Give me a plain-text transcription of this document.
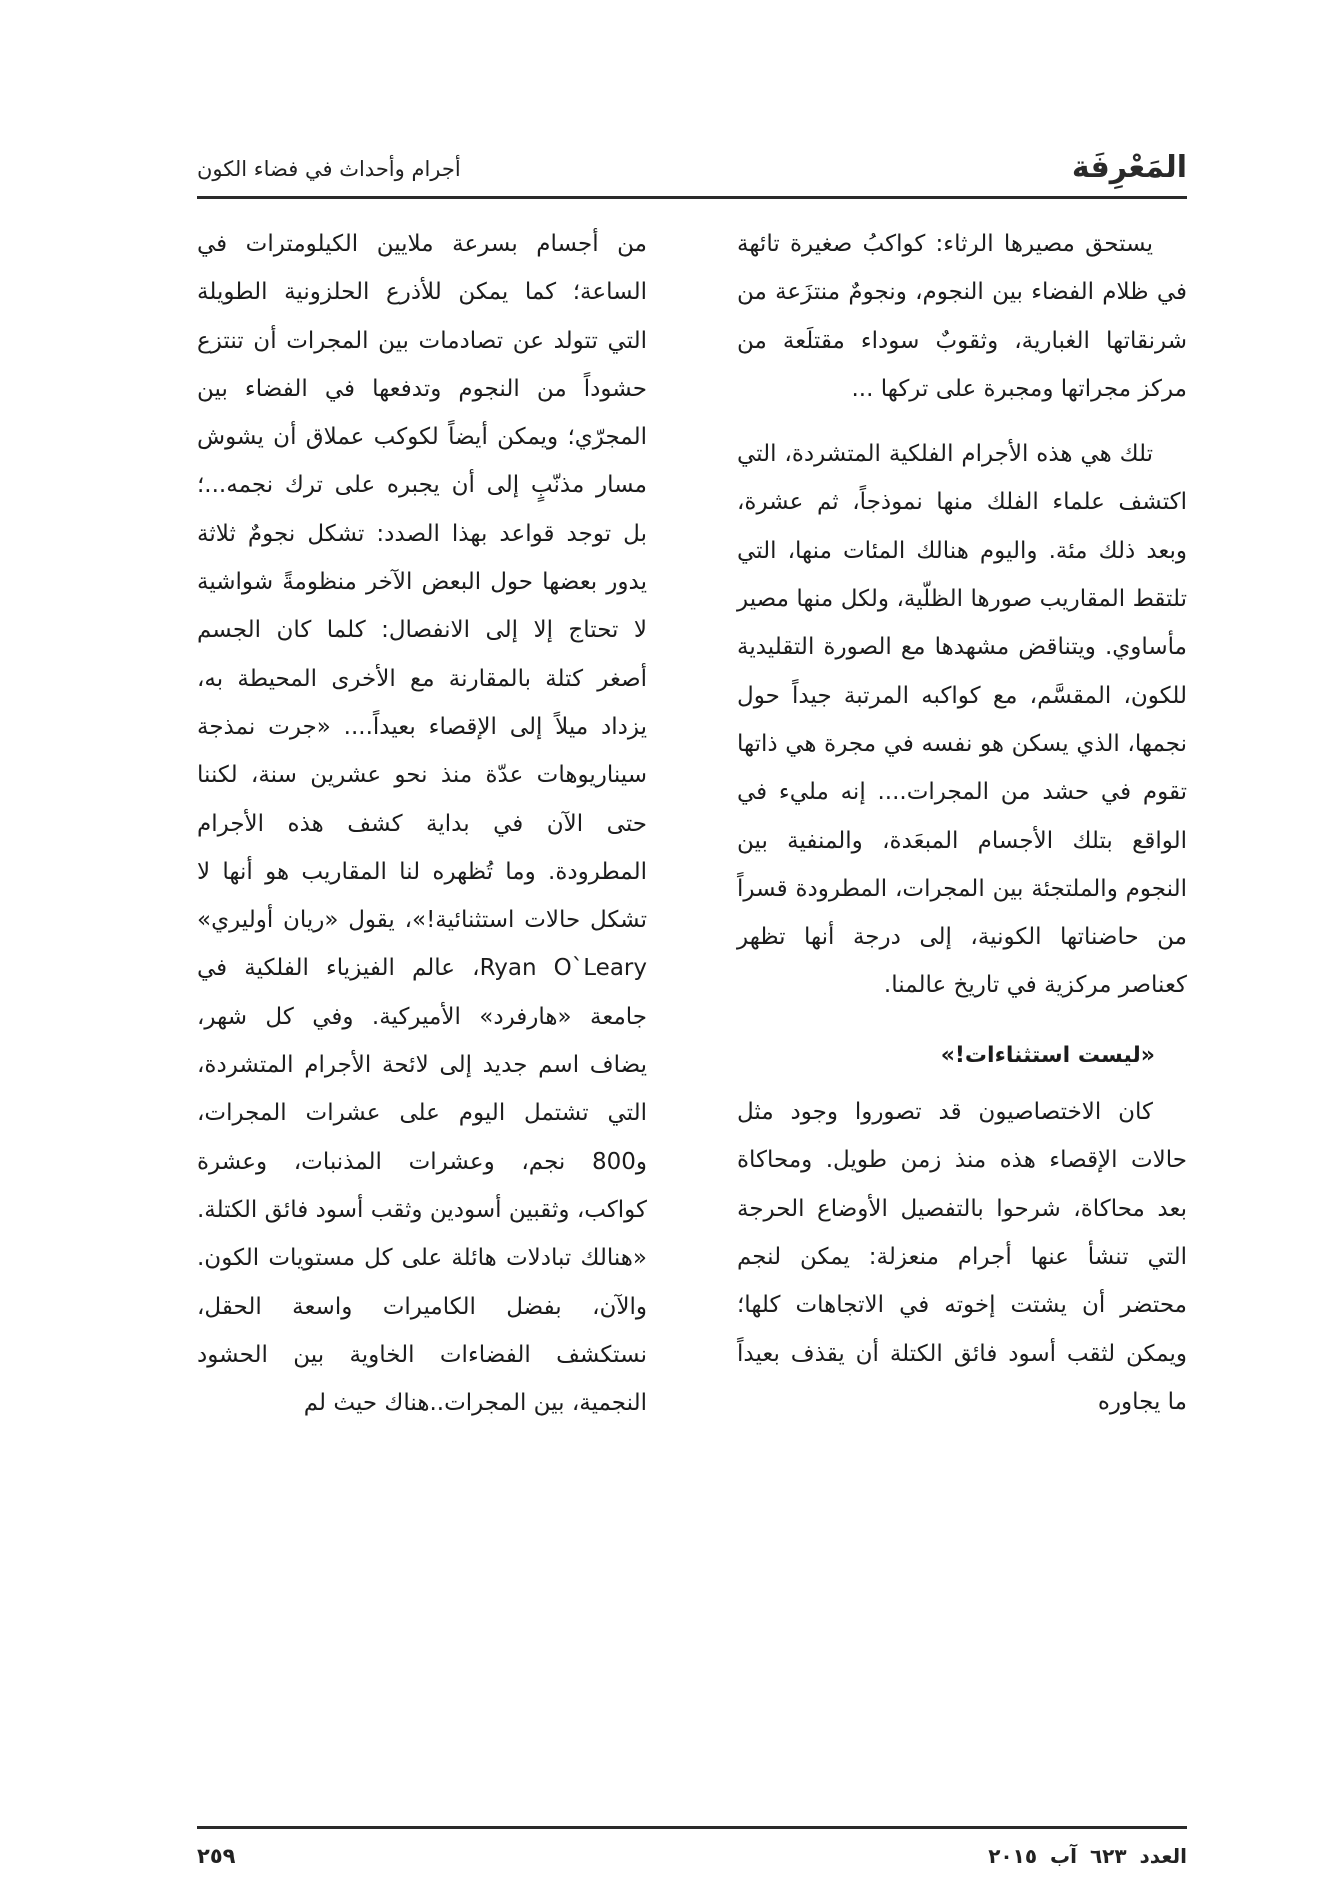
المَعْرِفَة
أجرام وأحداث في فضاء الكون

يستحق مصيرها الرثاء: كواكبُ صغيرة تائهة في ظلام الفضاء بين النجوم، ونجومٌ منتزَعة من شرنقاتها الغبارية، وثقوبٌ سوداء مقتلَعة من مركز مجراتها ومجبرة على تركها ...

تلك هي هذه الأجرام الفلكية المتشردة، التي اكتشف علماء الفلك منها نموذجاً، ثم عشرة، وبعد ذلك مئة. واليوم هنالك المئات منها، التي تلتقط المقاريب صورها الظلّية، ولكل منها مصير مأساوي. ويتناقض مشهدها مع الصورة التقليدية للكون، المقسَّم، مع كواكبه المرتبة جيداً حول نجمها، الذي يسكن هو نفسه في مجرة هي ذاتها تقوم في حشد من المجرات.... إنه مليء في الواقع بتلك الأجسام المبعَدة، والمنفية بين النجوم والملتجئة بين المجرات، المطرودة قسراً من حاضناتها الكونية، إلى درجة أنها تظهر كعناصر مركزية في تاريخ عالمنا.

«ليست استثناءات!»

كان الاختصاصيون قد تصوروا وجود مثل حالات الإقصاء هذه منذ زمن طويل. ومحاكاة بعد محاكاة، شرحوا بالتفصيل الأوضاع الحرجة التي تنشأ عنها أجرام منعزلة: يمكن لنجم محتضر أن يشتت إخوته في الاتجاهات كلها؛ ويمكن لثقب أسود فائق الكتلة أن يقذف بعيداً ما يجاوره

من أجسام بسرعة ملايين الكيلومترات في الساعة؛ كما يمكن للأذرع الحلزونية الطويلة التي تتولد عن تصادمات بين المجرات أن تنتزع حشوداً من النجوم وتدفعها في الفضاء بين المجرّي؛ ويمكن أيضاً لكوكب عملاق أن يشوش مسار مذنّبٍ إلى أن يجبره على ترك نجمه...؛ بل توجد قواعد بهذا الصدد: تشكل نجومٌ ثلاثة يدور بعضها حول البعض الآخر منظومةً شواشية لا تحتاج إلا إلى الانفصال: كلما كان الجسم أصغر كتلة بالمقارنة مع الأخرى المحيطة به، يزداد ميلاً إلى الإقصاء بعيداً.... «جرت نمذجة سيناريوهات عدّة منذ نحو عشرين سنة، لكننا حتى الآن في بداية كشف هذه الأجرام المطرودة. وما تُظهره لنا المقاريب هو أنها لا تشكل حالات استثنائية!»، يقول «ريان أوليري» Ryan O`Leary، عالم الفيزياء الفلكية في جامعة «هارفرد» الأميركية. وفي كل شهر، يضاف اسم جديد إلى لائحة الأجرام المتشردة، التي تشتمل اليوم على عشرات المجرات، و800 نجم، وعشرات المذنبات، وعشرة كواكب، وثقبين أسودين وثقب أسود فائق الكتلة. «هنالك تبادلات هائلة على كل مستويات الكون. والآن، بفضل الكاميرات واسعة الحقل، نستكشف الفضاءات الخاوية بين الحشود النجمية، بين المجرات..هناك حيث لم

العدد ٦٢٣ آب ٢٠١٥
٢٥٩
